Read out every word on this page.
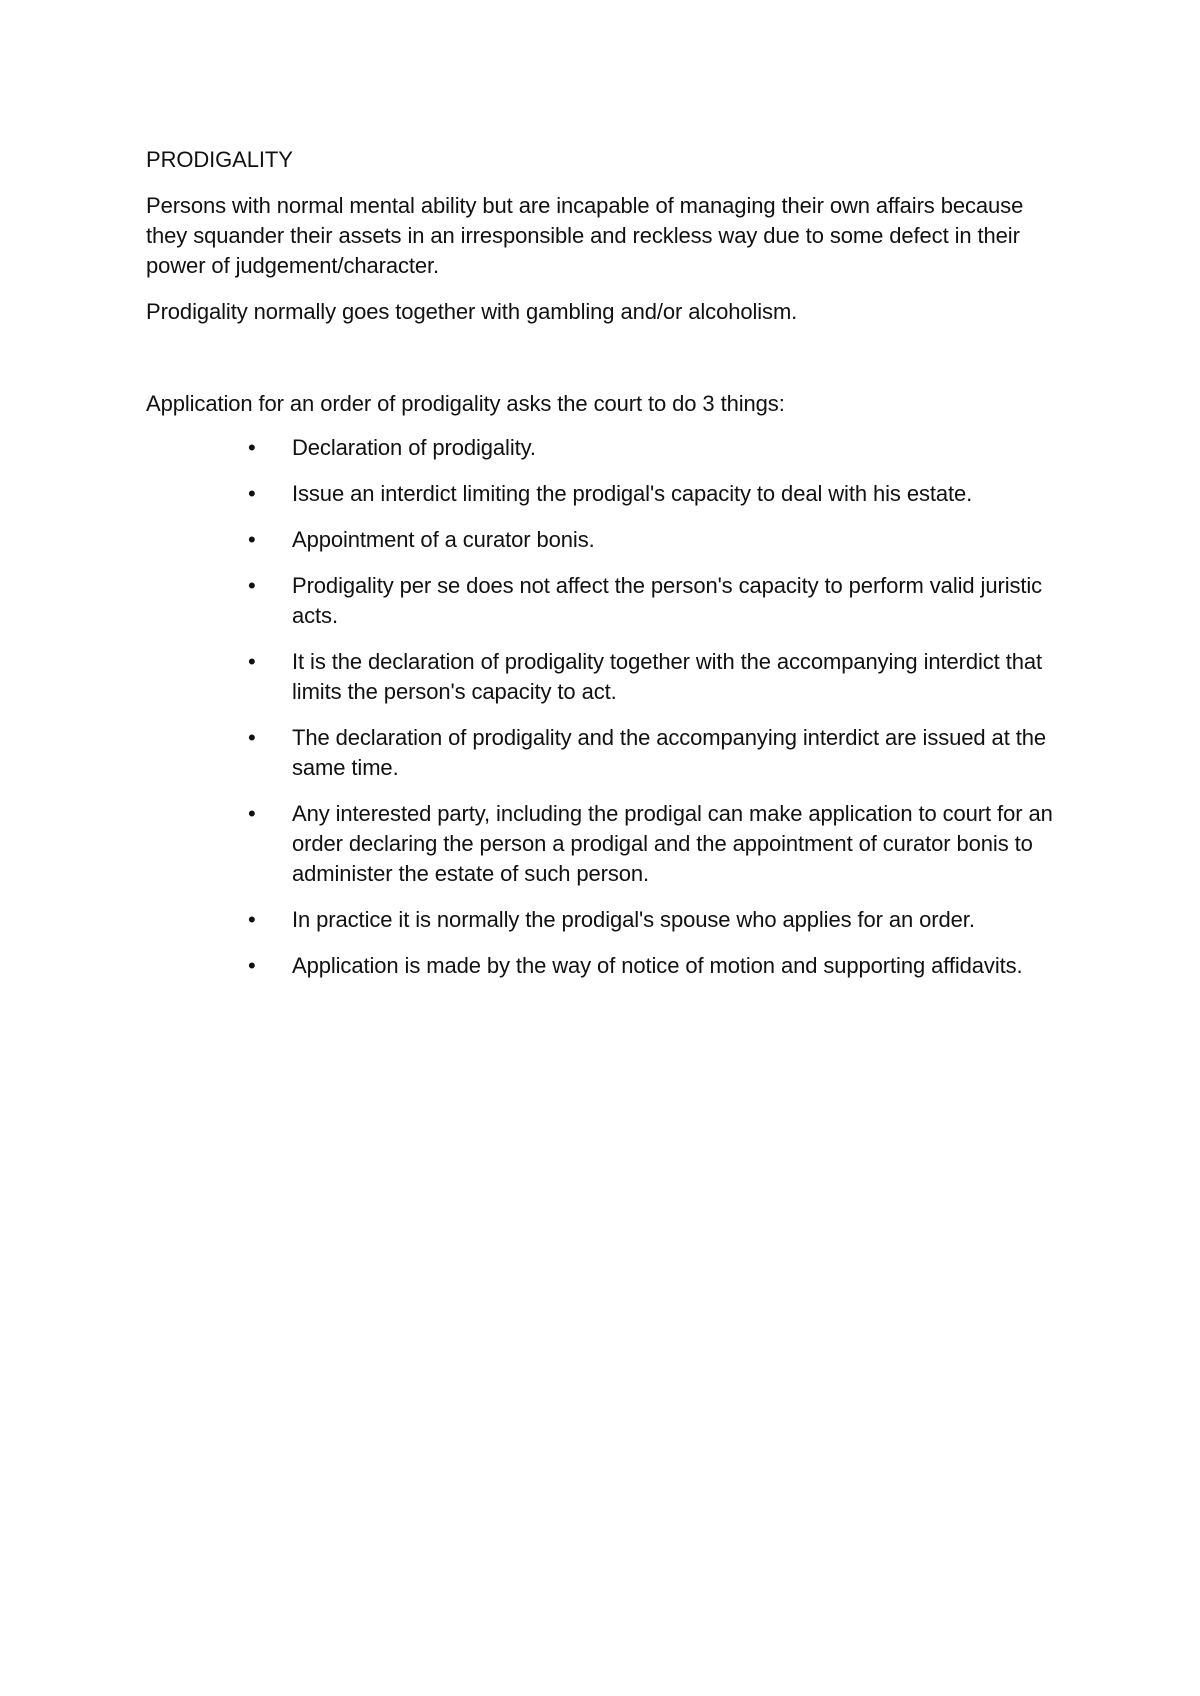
PRODIGALITY

Persons with normal mental ability but are incapable of managing their own affairs because they squander their assets in an irresponsible and reckless way due to some defect in their power of judgement/character.

Prodigality normally goes together with gambling and/or alcoholism.

Application for an order of prodigality asks the court to do 3 things:

• Declaration of prodigality.
• Issue an interdict limiting the prodigal's capacity to deal with his estate.
• Appointment of a curator bonis.
• Prodigality per se does not affect the person's capacity to perform valid juristic acts.
• It is the declaration of prodigality together with the accompanying interdict that limits the person's capacity to act.
• The declaration of prodigality and the accompanying interdict are issued at the same time.
• Any interested party, including the prodigal can make application to court for an order declaring the person a prodigal and the appointment of curator bonis to administer the estate of such person.
• In practice it is normally the prodigal's spouse who applies for an order.
• Application is made by the way of notice of motion and supporting affidavits.
